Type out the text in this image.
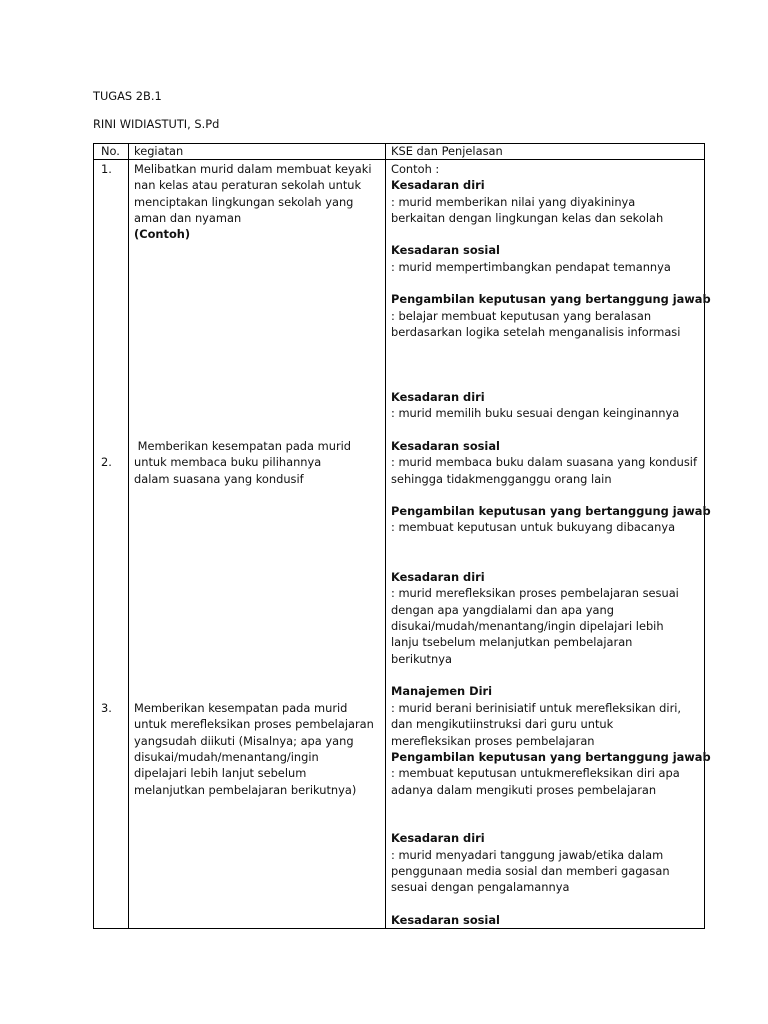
TUGAS 2B.1

RINI WIDIASTUTI, S.Pd

No. kegiatan	KSE dan Penjelasan
1. Melibatkan murid dalam membuat keyaki
nan kelas atau peraturan sekolah untuk
menciptakan lingkungan sekolah yang
aman dan nyaman
(Contoh)
Contoh :
Kesadaran diri
: murid memberikan nilai yang diyakininya
berkaitan dengan lingkungan kelas dan sekolah
Kesadaran sosial
: murid mempertimbangkan pendapat temannya
Pengambilan keputusan yang bertanggung jawab
: belajar membuat keputusan yang beralasan
berdasarkan logika setelah menganalisis informasi
2.
Memberikan kesempatan pada murid
untuk membaca buku pilihannya
dalam suasana yang kondusif
Kesadaran diri
: murid memilih buku sesuai dengan keinginannya
Kesadaran sosial
: murid membaca buku dalam suasana yang kondusif
sehingga tidakmengganggu orang lain
Pengambilan keputusan yang bertanggung jawab
: membuat keputusan untuk bukuyang dibacanya
3. Memberikan kesempatan pada murid
untuk merefleksikan proses pembelajaran
yangsudah diikuti (Misalnya; apa yang
disukai/mudah/menantang/ingin
dipelajari lebih lanjut sebelum
melanjutkan pembelajaran berikutnya)
Kesadaran diri
: murid merefleksikan proses pembelajaran sesuai
dengan apa yangdialami dan apa yang
disukai/mudah/menantang/ingin dipelajari lebih
lanju tsebelum melanjutkan pembelajaran
berikutnya
Manajemen Diri
: murid berani berinisiatif untuk merefleksikan diri,
dan mengikutiinstruksi dari guru untuk
merefleksikan proses pembelajaran
Pengambilan keputusan yang bertanggung jawab
: membuat keputusan untukmerefleksikan diri apa
adanya dalam mengikuti proses pembelajaran
Kesadaran diri
: murid menyadari tanggung jawab/etika dalam
penggunaan media sosial dan memberi gagasan
sesuai dengan pengalamannya
Kesadaran sosial
